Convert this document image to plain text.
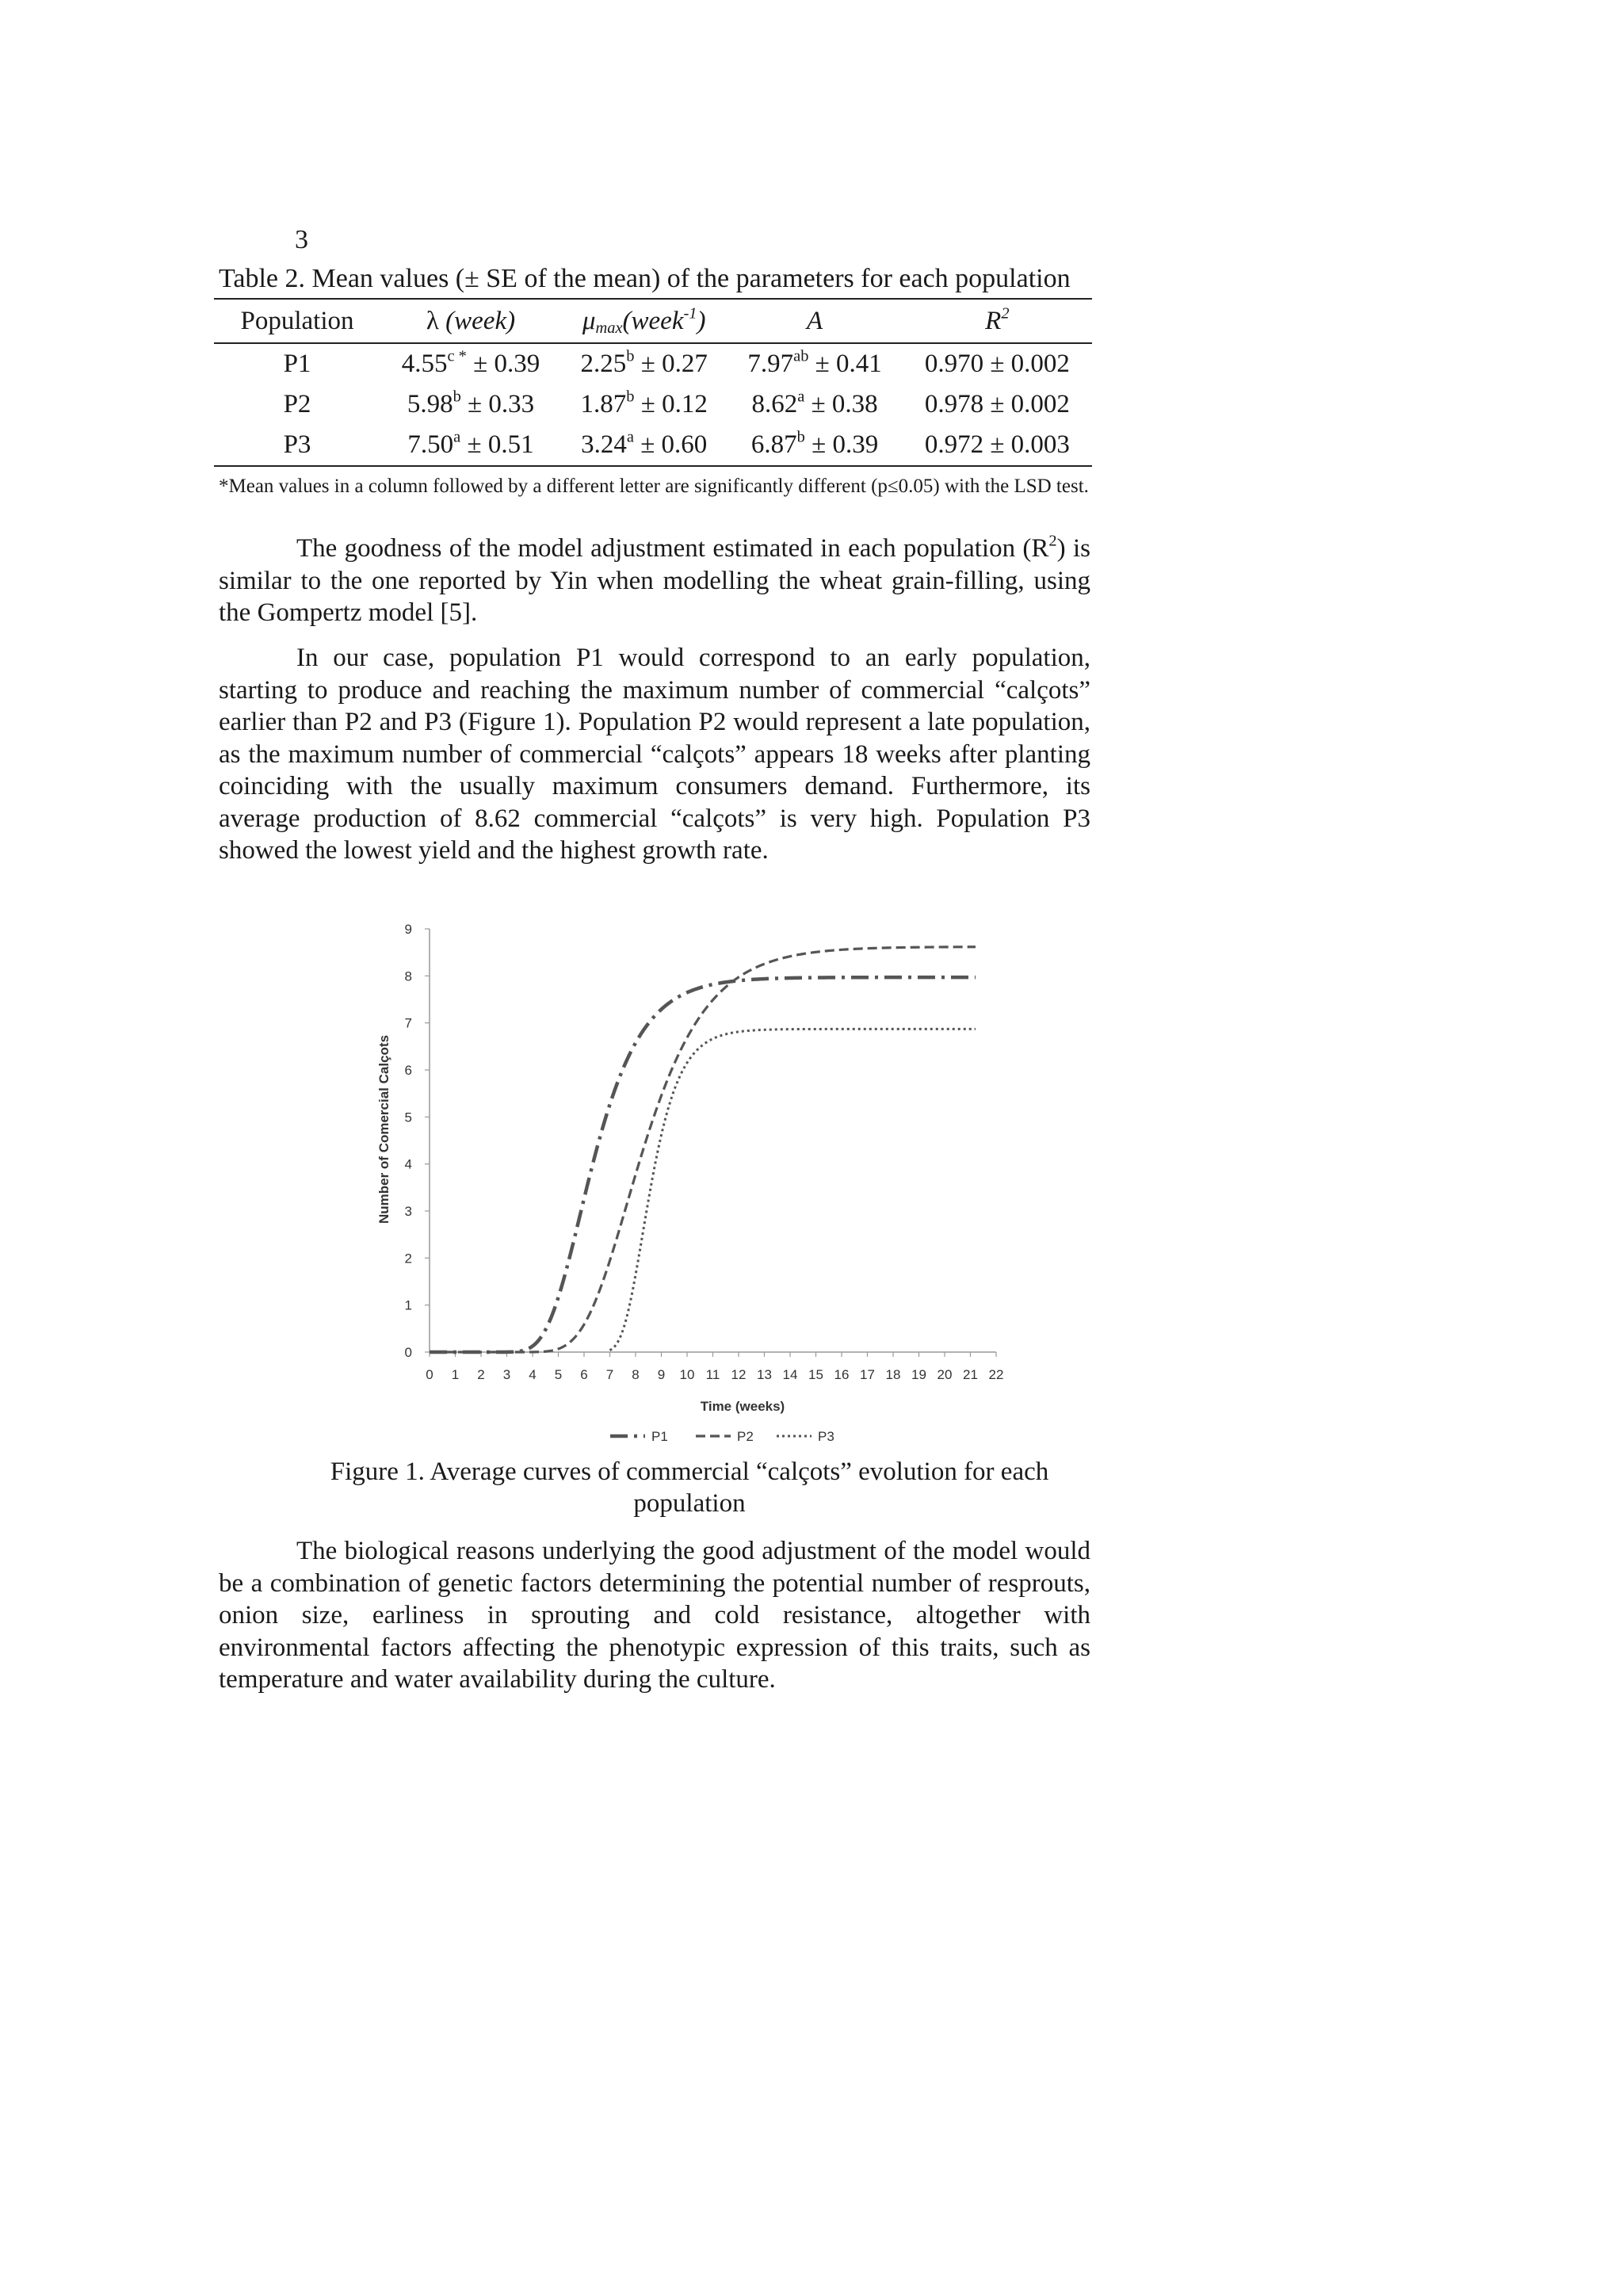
3
Table 2. Mean values (± SE of the mean) of the parameters for each population
Population	λ (week)	$\mu_{max}(week^{-1})$	A	$R^2$
P1	$4.55^{c *} \pm 0.39$	2.25$^b$ ± 0.27	7.97$^{ab}$ ± 0.41	0.970 ± 0.002
P2	5.98$^b$ ± 0.33	1.87$^b$ ± 0.12	8.62$^a$ ± 0.38	0.978 ± 0.002
P3	7.50$^a$ ± 0.51	3.24$^a$ ± 0.60	6.87$^b$ ± 0.39	0.972 ± 0.003
*Mean values in a column followed by a different letter are significantly different (p≤0.05) with the LSD test.

The goodness of the model adjustment estimated in each population $(R^2)$ is similar to the one reported by Yin when modelling the wheat grain-filling, using the Gompertz model [5].

In our case, population P1 would correspond to an early population, starting to produce and reaching the maximum number of commercial “calçots” earlier than P2 and P3 (Figure 1). Population P2 would represent a late population, as the maximum number of commercial “calçots” appears 18 weeks after planting coinciding with the usually maximum consumers demand. Furthermore, its average production of 8.62 commercial “calçots” is very high. Population P3 showed the lowest yield and the highest growth rate.

0
1
2
3
4
5
6
7
8
9
0 1 2 3 4 5 6 7 8 9 10 11 12 13 14 15 16 17 18 19 20 21 22
Number of Comercial Calçots
Time (weeks)
P1	P2	P3
Figure 1. Average curves of commercial “calçots” evolution for each
population

The biological reasons underlying the good adjustment of the model would be a combination of genetic factors determining the potential number of resprouts, onion size, earliness in sprouting and cold resistance, altogether with environmental factors affecting the phenotypic expression of this traits, such as temperature and water availability during the culture.
